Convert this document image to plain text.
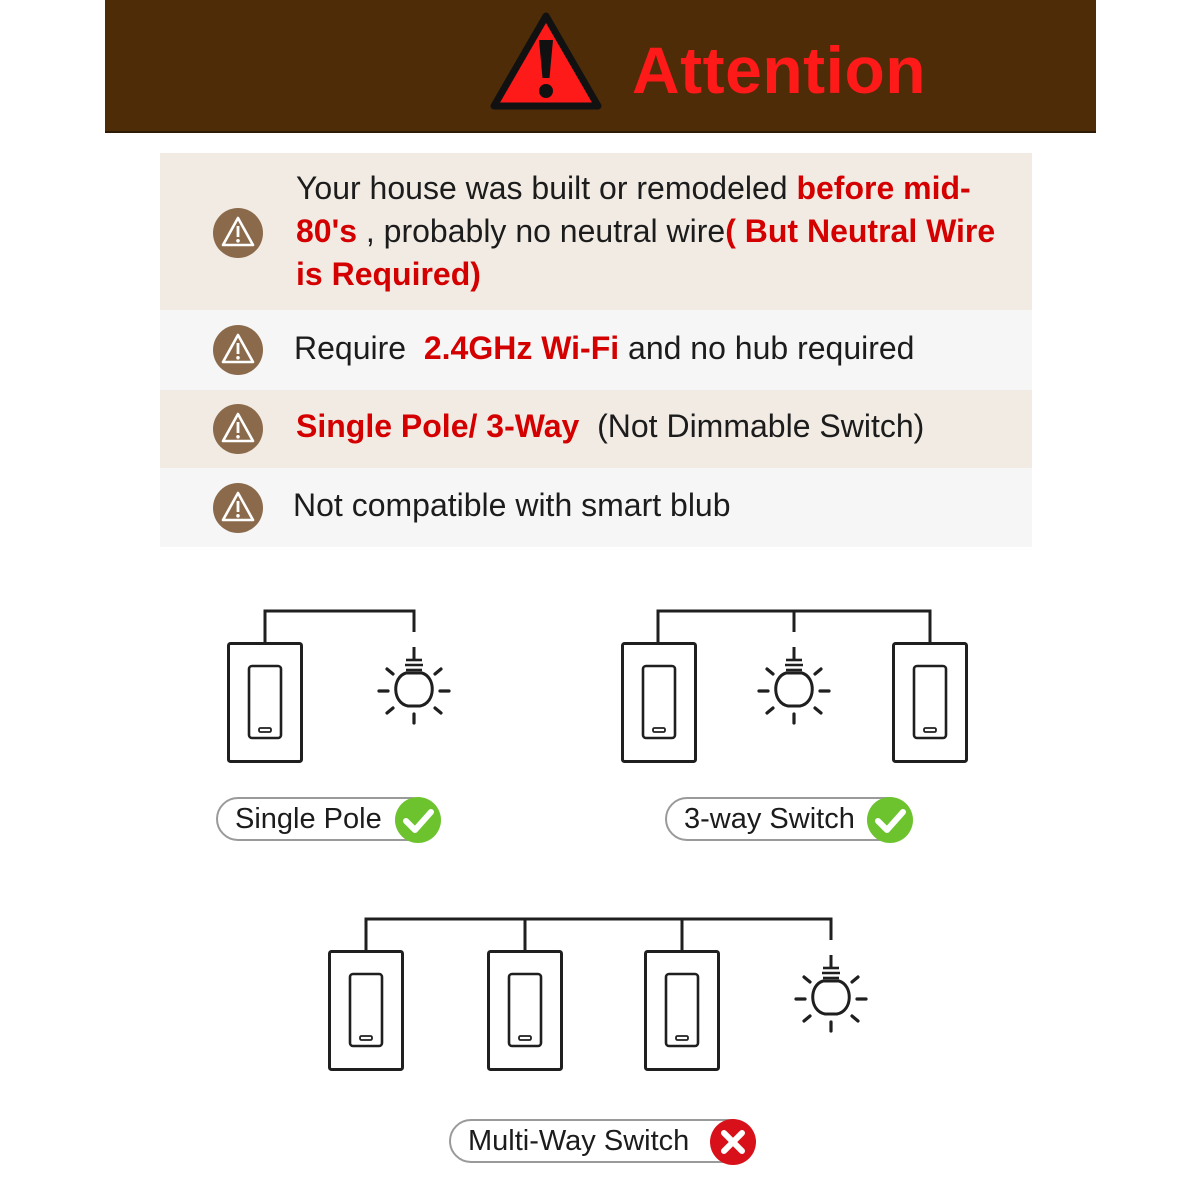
Attention
Your house was built or remodeled before mid-80's , probably no neutral wire( But Neutral Wire is Required)
Require  2.4GHz Wi-Fi and no hub required
Single Pole/ 3-Way  (Not Dimmable Switch)
Not compatible with smart blub
Single Pole	3-way Switch
Multi-Way Switch
